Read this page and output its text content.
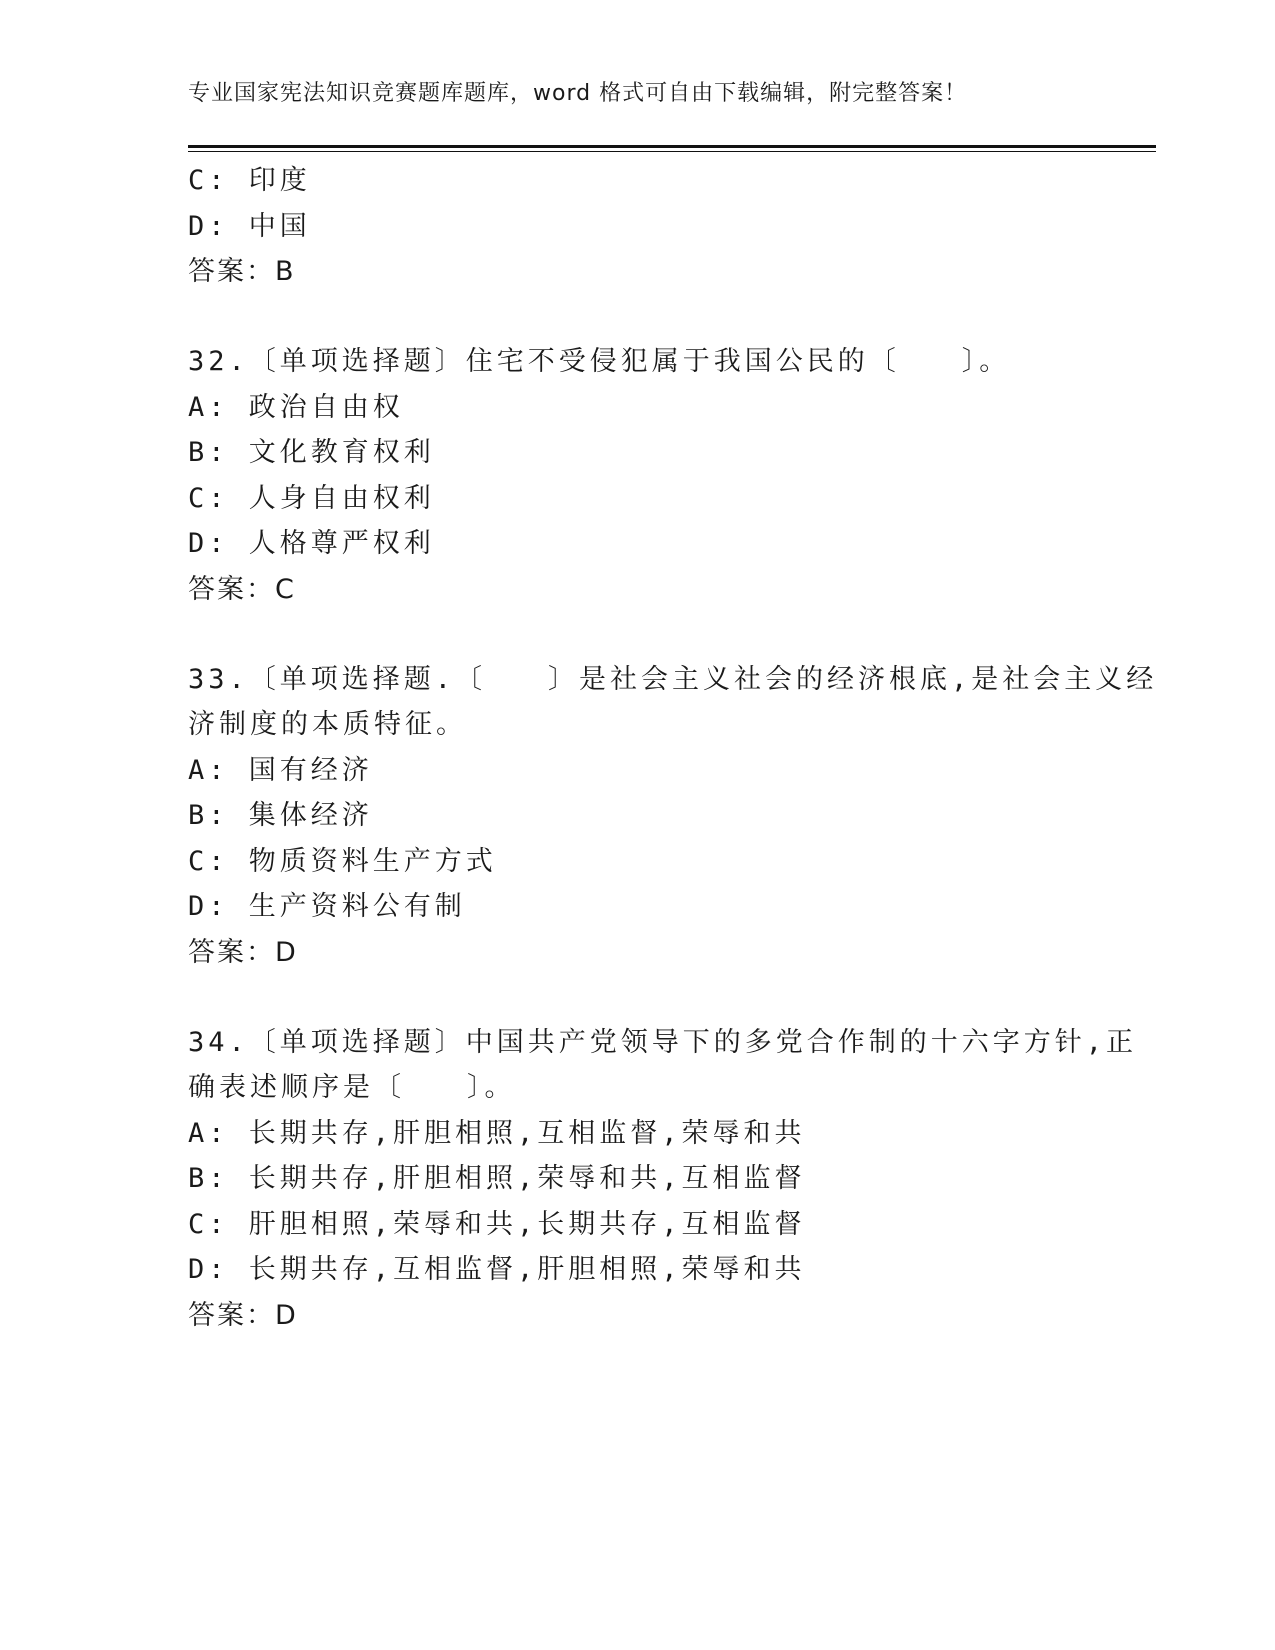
专业国家宪法知识竞赛题库题库，word 格式可自由下载编辑，附完整答案！
C: 印度
D: 中国
答案：B
32.〔单项选择题〕住宅不受侵犯属于我国公民的〔　　〕。
A: 政治自由权
B: 文化教育权利
C: 人身自由权利
D: 人格尊严权利
答案：C
33.〔单项选择题.〔　　〕是社会主义社会的经济根底,是社会主义经
济制度的本质特征。
A: 国有经济
B: 集体经济
C: 物质资料生产方式
D: 生产资料公有制
答案：D
34.〔单项选择题〕中国共产党领导下的多党合作制的十六字方针,正
确表述顺序是〔　　〕。
A: 长期共存,肝胆相照,互相监督,荣辱和共
B: 长期共存,肝胆相照,荣辱和共,互相监督
C: 肝胆相照,荣辱和共,长期共存,互相监督
D: 长期共存,互相监督,肝胆相照,荣辱和共
答案：D
